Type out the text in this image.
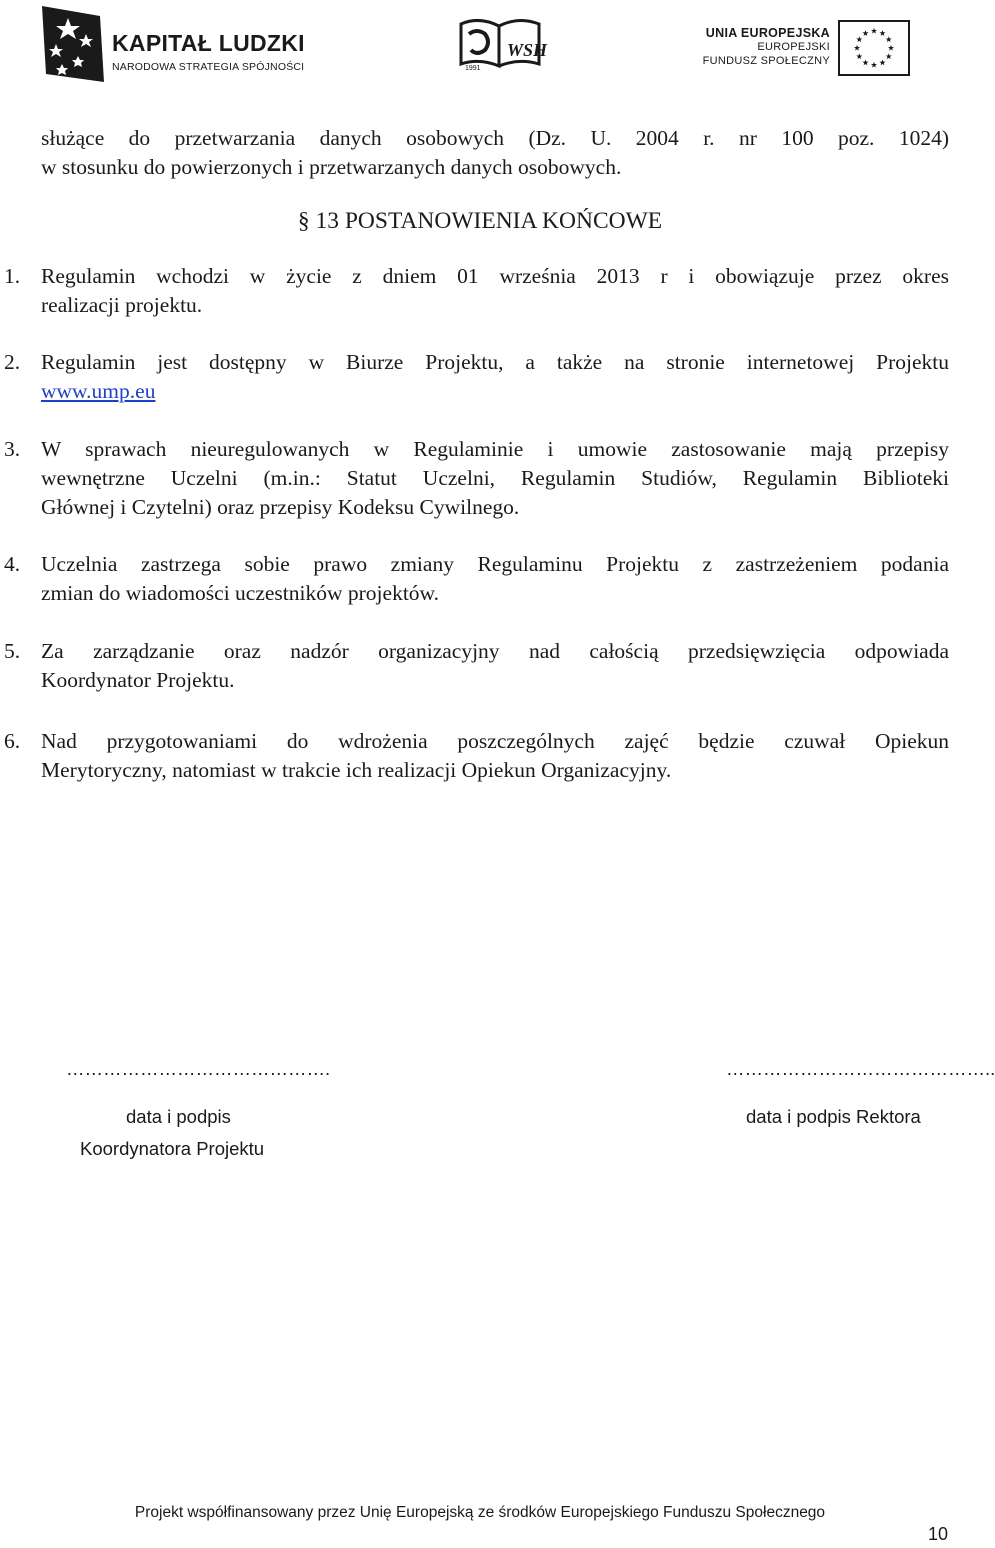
KAPITAŁ LUDZKI
NARODOWA STRATEGIA SPÓJNOŚCI
WSH
1991
UNIA EUROPEJSKA
EUROPEJSKI
FUNDUSZ SPOŁECZNY
służące do przetwarzania danych osobowych (Dz. U. 2004 r. nr 100 poz. 1024)
w stosunku do powierzonych i przetwarzanych danych osobowych.
§ 13 POSTANOWIENIA KOŃCOWE
1. Regulamin wchodzi w życie z dniem 01 września 2013 r i obowiązuje przez okres
realizacji projektu.
2. Regulamin jest dostępny w Biurze Projektu, a także na stronie internetowej Projektu
www.ump.eu
3. W sprawach nieuregulowanych w Regulaminie i umowie zastosowanie mają przepisy
wewnętrzne Uczelni (m.in.: Statut Uczelni, Regulamin Studiów, Regulamin Biblioteki
Głównej i Czytelni) oraz przepisy Kodeksu Cywilnego.
4. Uczelnia zastrzega sobie prawo zmiany Regulaminu Projektu z zastrzeżeniem podania
zmian do wiadomości uczestników projektów.
5. Za zarządzanie oraz nadzór organizacyjny nad całością przedsięwzięcia odpowiada
Koordynator Projektu.
6. Nad przygotowaniami do wdrożenia poszczególnych zajęć będzie czuwał Opiekun
Merytoryczny, natomiast w trakcie ich realizacji Opiekun Organizacyjny.
…………………………………….
data i podpis
Koordynatora Projektu
……………………………………..
data i podpis Rektora
Projekt współfinansowany przez Unię Europejską ze środków Europejskiego Funduszu Społecznego
10
